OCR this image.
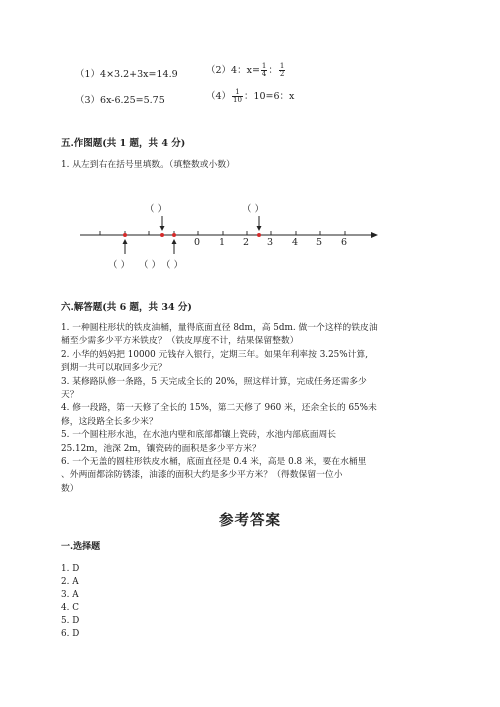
（1）4×3.2+3x=14.9	（2）4：$x= \frac{1}{4}$ ： $\frac{1}{2}$
（3）6x-6.25=5.75	$(4) \frac{1}{10}$ ：10=6：x
五.作图题(共 1 题，共 4 分)
1. 从左到右在括号里填数。（填整数或小数）
0 1 2 3 4 5 6
（ ）	（ ）
（ ） （ ） （ ）
六.解答题(共 6 题，共 34 分)

1. 一种圆柱形状的铁皮油桶，量得底面直径 8dm，高 5dm. 做一个这样的铁皮油

桶至少需多少平方米铁皮？（铁皮厚度不计，结果保留整数）

2. 小华的妈妈把 10000 元钱存入银行，定期三年。如果年利率按 3.25%计算,

到期一共可以取回多少元？

3. 某修路队修一条路，5 天完成全长的 20%，照这样计算，完成任务还需多少

天？

4. 修一段路，第一天修了全长的 15%，第二天修了 960 米，还余全长的 65%未

修，这段路全长多少米？

5. 一个圆柱形水池，在水池内壁和底部都镶上瓷砖，水池内部底面周长

25.12m，池深 2m，镶瓷砖的面积是多少平方米？

6. 一个无盖的圆柱形铁皮水桶，底面直径是 0.4 米，高是 0.8 米，要在水桶里

、外两面都涂防锈漆，油漆的面积大约是多少平方米？（得数保留一位小

数）

参考答案
一.选择题
1. D
2. A
3. A
4. C
5. D
6. D
